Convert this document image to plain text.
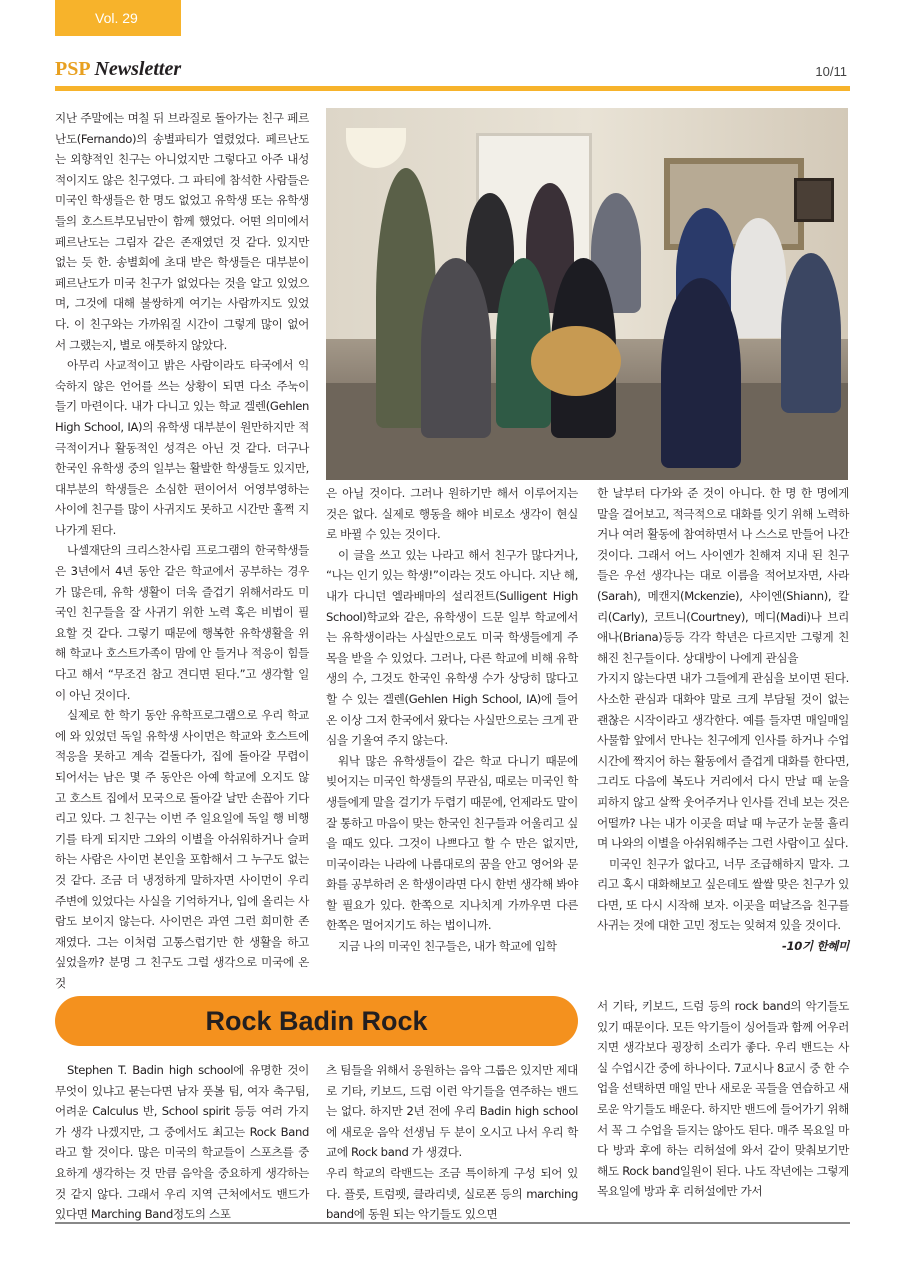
Vol. 29
PSP Newsletter	10/11

지난 주말에는 며칠 뒤 브라질로 돌아가는 친구 페르난도(Fernando)의 송별파티가 열렸었다. 페르난도는 외향적인 친구는 아니었지만 그렇다고 아주 내성적이지도 않은 친구였다. 그 파티에 참석한 사람들은 미국인 학생들은 한 명도 없었고 유학생 또는 유학생들의 호스트부모님만이 함께 했었다. 어떤 의미에서 페르난도는 그림자 같은 존재였던 것 같다. 있지만 없는 듯 한. 송별회에 초대 받은 학생들은 대부분이 페르난도가 미국 친구가 없었다는 것을 알고 있었으며, 그것에 대해 불쌍하게 여기는 사람까지도 있었다. 이 친구와는 가까워질 시간이 그렇게 많이 없어서 그랬는지, 별로 애틋하지 않았다.

아무리 사교적이고 밝은 사람이라도 타국에서 익숙하지 않은 언어를 쓰는 상황이 되면 다소 주눅이 들기 마련이다. 내가 다니고 있는 학교 겔렌(Gehlen High School, IA)의 유학생 대부분이 원만하지만 적극적이거나 활동적인 성격은 아닌 것 같다. 더구나 한국인 유학생 중의 일부는 활발한 학생들도 있지만, 대부분의 학생들은 소심한 편이어서 어영부영하는 사이에 친구를 많이 사귀지도 못하고 시간만 훌쩍 지나가게 된다.

나셀재단의 크리스찬사림 프로그램의 한국학생들은 3년에서 4년 동안 같은 학교에서 공부하는 경우가 많은데, 유학 생활이 더욱 즐겁기 위해서라도 미국인 친구들을 잘 사귀기 위한 노력 혹은 비법이 필요할 것 같다. 그렇기 때문에 행복한 유학생활을 위해 학교나 호스트가족이 맘에 안 들거나 적응이 힘들다고 해서 “무조건 참고 견디면 된다.”고 생각할 일이 아닌 것이다.

실제로 한 학기 동안 유학프로그램으로 우리 학교에 와 있었던 독일 유학생 사이먼은 학교와 호스트에 적응을 못하고 계속 겉돌다가, 집에 돌아갈 무렵이 되어서는 남은 몇 주 동안은 아예 학교에 오지도 않고 호스트 집에서 모국으로 돌아갈 날만 손꼽아 기다리고 있다. 그 친구는 이번 주 일요일에 독일 행 비행기를 타게 되지만 그와의 이별을 아쉬워하거나 슬퍼하는 사람은 사이먼 본인을 포함해서 그 누구도 없는 것 같다. 조금 더 냉정하게 말하자면 사이먼이 우리 주변에 있었다는 사실을 기억하거나, 입에 올리는 사람도 보이지 않는다. 사이먼은 과연 그런 희미한 존재였다. 그는 이처럼 고통스럽기만 한 생활을 하고 싶었을까? 분명 그 친구도 그럴 생각으로 미국에 온 것

은 아닐 것이다. 그러나 원하기만 해서 이루어지는 것은 없다. 실제로 행동을 해야 비로소 생각이 현실로 바뀔 수 있는 것이다.

이 글을 쓰고 있는 나라고 해서 친구가 많다거나, “나는 인기 있는 학생!”이라는 것도 아니다. 지난 해, 내가 다니던 엘라배마의 설리전트(Sulligent High School)학교와 같은, 유학생이 드문 일부 학교에서는 유학생이라는 사실만으로도 미국 학생들에게 주목을 받을 수 있었다. 그러나, 다른 학교에 비해 유학생의 수, 그것도 한국인 유학생 수가 상당히 많다고 할 수 있는 겔렌(Gehlen High School, IA)에 들어온 이상 그저 한국에서 왔다는 사실만으로는 크게 관심을 기울여 주지 않는다.

워낙 많은 유학생들이 같은 학교 다니기 때문에 빚어지는 미국인 학생들의 무관심, 때로는 미국인 학생들에게 말을 걸기가 두렵기 때문에, 언제라도 말이 잘 통하고 마음이 맞는 한국인 친구들과 어울리고 싶을 때도 있다. 그것이 나쁘다고 할 수 만은 없지만, 미국이라는 나라에 나름대로의 꿈을 안고 영어와 문화를 공부하러 온 학생이라면 다시 한번 생각해 봐야 할 필요가 있다. 한쪽으로 지나치게 가까우면 다른 한쪽은 멀어지기도 하는 법이니까.

지금 나의 미국인 친구들은, 내가 학교에 입학

한 날부터 다가와 준 것이 아니다. 한 명 한 명에게 말을 걸어보고, 적극적으로 대화를 잇기 위해 노력하거나 여러 활동에 참여하면서 나 스스로 만들어 나간 것이다. 그래서 어느 사이엔가 친해져 지내 된 친구들은 우선 생각나는 대로 이름을 적어보자면, 사라(Sarah), 메캔지(Mckenzie), 샤이엔(Shiann), 칼리(Carly), 코트니(Courtney), 메디(Madi)나 브리애나(Briana)등등 각각 학년은 다르지만 그렇게 친해진 친구들이다. 상대방이 나에게 관심을

가지지 않는다면 내가 그들에게 관심을 보이면 된다. 사소한 관심과 대화야 말로 크게 부담될 것이 없는 괜찮은 시작이라고 생각한다. 예를 들자면 매일매일 사물함 앞에서 만나는 친구에게 인사를 하거나 수업시간에 짝지어 하는 활동에서 즐겁게 대화를 한다면, 그리도 다음에 복도나 거리에서 다시 만날 때 눈을 피하지 않고 살짝 웃어주거나 인사를 건네 보는 것은 어떨까? 나는 내가 이곳을 떠날 때 누군가 눈물 흘리며 나와의 이별을 아쉬워해주는 그런 사람이고 싶다.

미국인 친구가 없다고, 너무 조급해하지 말자. 그리고 혹시 대화해보고 싶은데도 쌀쌀 맞은 친구가 있다면, 또 다시 시작해 보자. 이곳을 떠날즈음 친구를 사귀는 것에 대한 고민 정도는 잊혀져 있을 것이다.

-10기 한혜미

Rock Badin Rock

Stephen T. Badin high school에 유명한 것이 무엇이 있냐고 묻는다면 남자 풋볼 팀, 여자 축구팀, 어려운 Calculus 반, School spirit 등등 여러 가지가 생각 나겠지만, 그 중에서도 최고는 Rock Band라고 할 것이다. 많은 미국의 학교들이 스포츠를 중요하게 생각하는 것 만큼 음악을 중요하게 생각하는 것 같지 않다. 그래서 우리 지역 근처에서도 밴드가 있다면 Marching Band정도의 스포

츠 팀들을 위해서 응원하는 음악 그룹은 있지만 제대로 기타, 키보드, 드럼 이런 악기들을 연주하는 밴드는 없다. 하지만 2년 전에 우리 Badin high school에 새로운 음악 선생님 두 분이 오시고 나서 우리 학교에 Rock band 가 생겼다.

우리 학교의 락밴드는 조금 특이하게 구성 되어 있다. 플룻, 트럼펫, 클라리넷, 실로폰 등의 marching band에 동원 되는 악기들도 있으면

서 기타, 키보드, 드럼 등의 rock band의 악기들도 있기 때문이다. 모든 악기들이 싱어들과 함께 어우러지면 생각보다 굉장히 소리가 좋다. 우리 밴드는 사실 수업시간 중에 하나이다. 7교시나 8교시 중 한 수업을 선택하면 매일 만나 새로운 곡들을 연습하고 새로운 악기들도 배운다. 하지만 밴드에 들어가기 위해서 꼭 그 수업을 듣지는 않아도 된다. 매주 목요일 마다 방과 후에 하는 리허설에 와서 같이 맞춰보기만 해도 Rock band일원이 된다. 나도 작년에는 그렇게 목요일에 방과 후 리허설에만 가서
